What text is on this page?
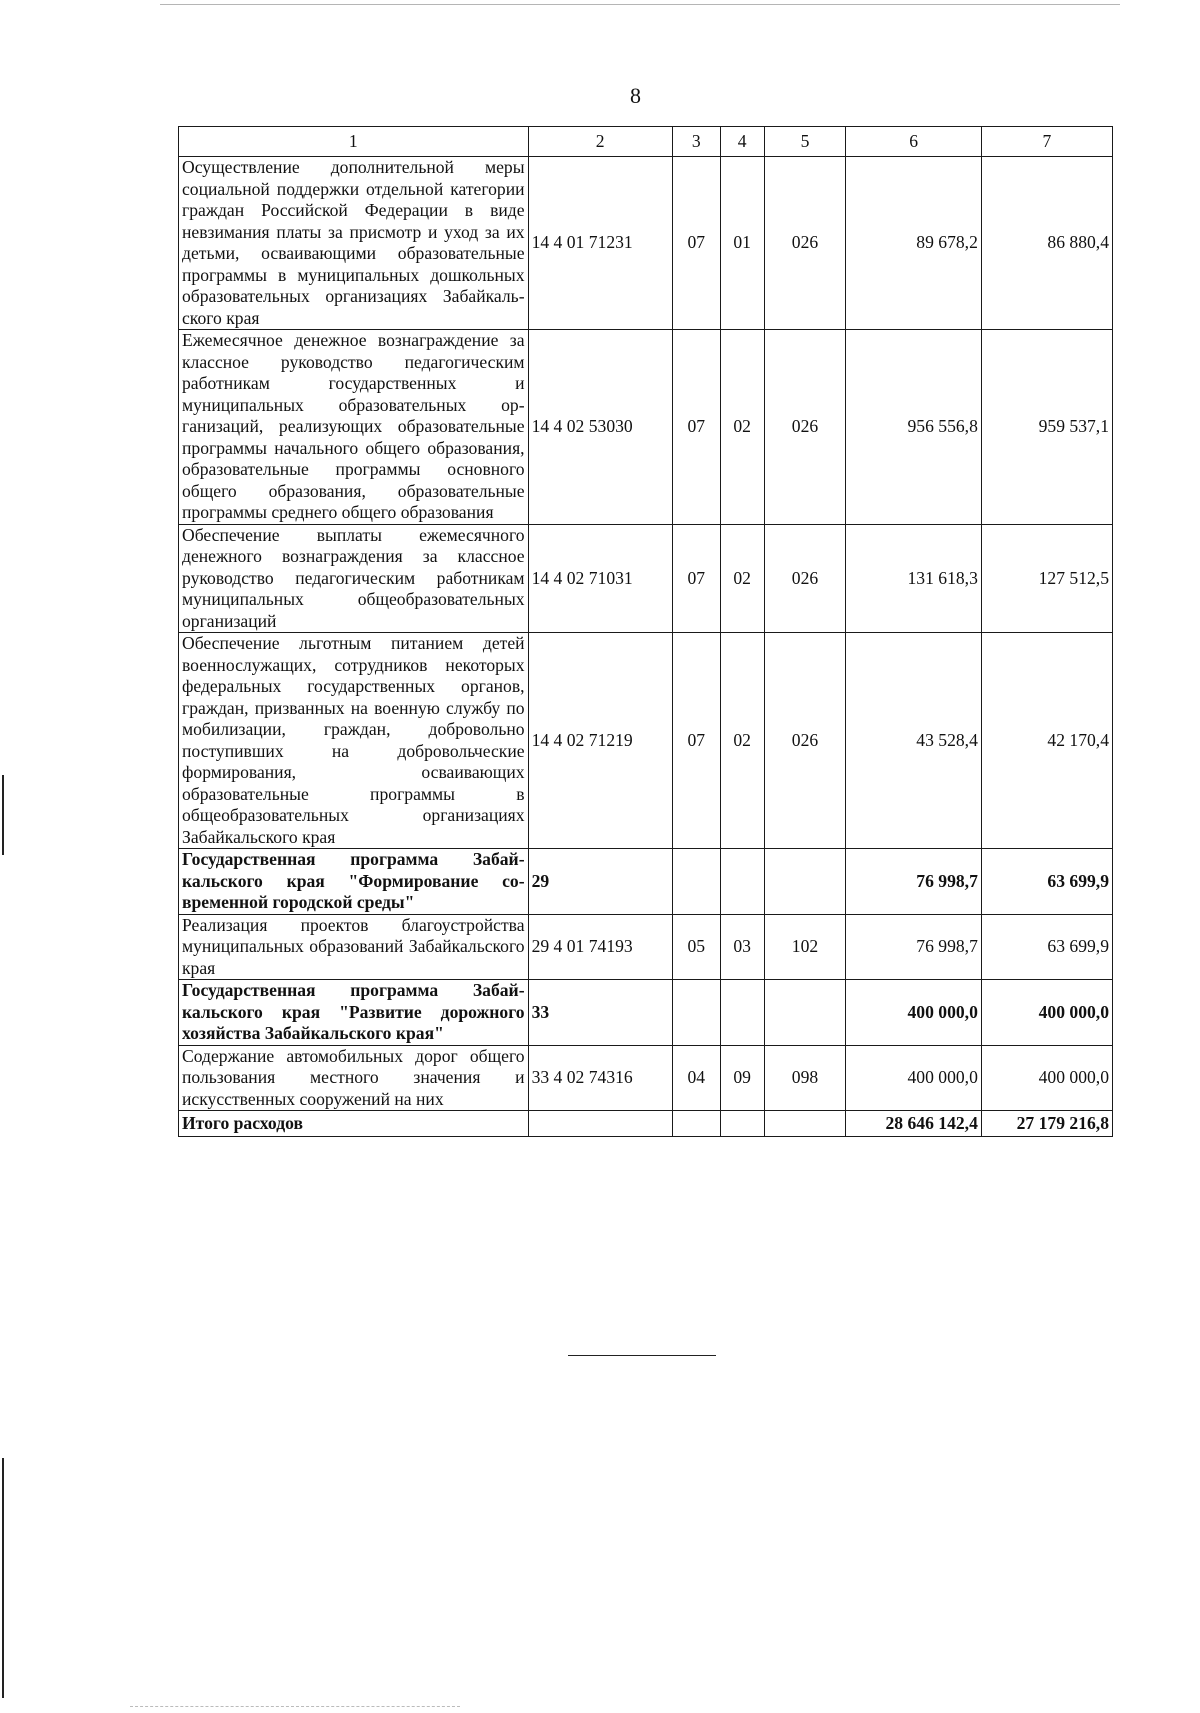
8
1	2	3	4	5	6	7
Осуществление дополнительной меры социальной поддержки отдельной категории граждан Российской Федерации в виде невзимания платы за присмотр и уход за их детьми, осваивающими образовательные программы в муниципальных дошкольных образовательных организациях Забайкальского края	14 4 01 71231	07	01	026	89 678,2	86 880,4
Ежемесячное денежное вознаграждение за классное руководство педагогическим работникам государственных и муниципальных образовательных организаций, реализующих образовательные программы начального общего образования, образовательные программы основного общего образования, образовательные программы среднего общего образования	14 4 02 53030	07	02	026	956 556,8	959 537,1
Обеспечение выплаты ежемесячного денежного вознаграждения за классное руководство педагогическим работникам муниципальных общеобразовательных организаций	14 4 02 71031	07	02	026	131 618,3	127 512,5
Обеспечение льготным питанием детей военнослужащих, сотрудников некоторых федеральных государственных органов, граждан, призванных на военную службу по мобилизации, граждан, добровольно поступивших на добровольческие формирования, осваивающих образовательные программы в общеобразовательных организациях Забайкальского края	14 4 02 71219	07	02	026	43 528,4	42 170,4
Государственная программа Забайкальского края "Формирование современной городской среды"	29				76 998,7	63 699,9
Реализация проектов благоустройства муниципальных образований Забайкальского края	29 4 01 74193	05	03	102	76 998,7	63 699,9
Государственная программа Забайкальского края "Развитие дорожного хозяйства Забайкальского края"	33				400 000,0	400 000,0
Содержание автомобильных дорог общего пользования местного значения и искусственных сооружений на них	33 4 02 74316	04	09	098	400 000,0	400 000,0
Итого расходов					28 646 142,4	27 179 216,8
